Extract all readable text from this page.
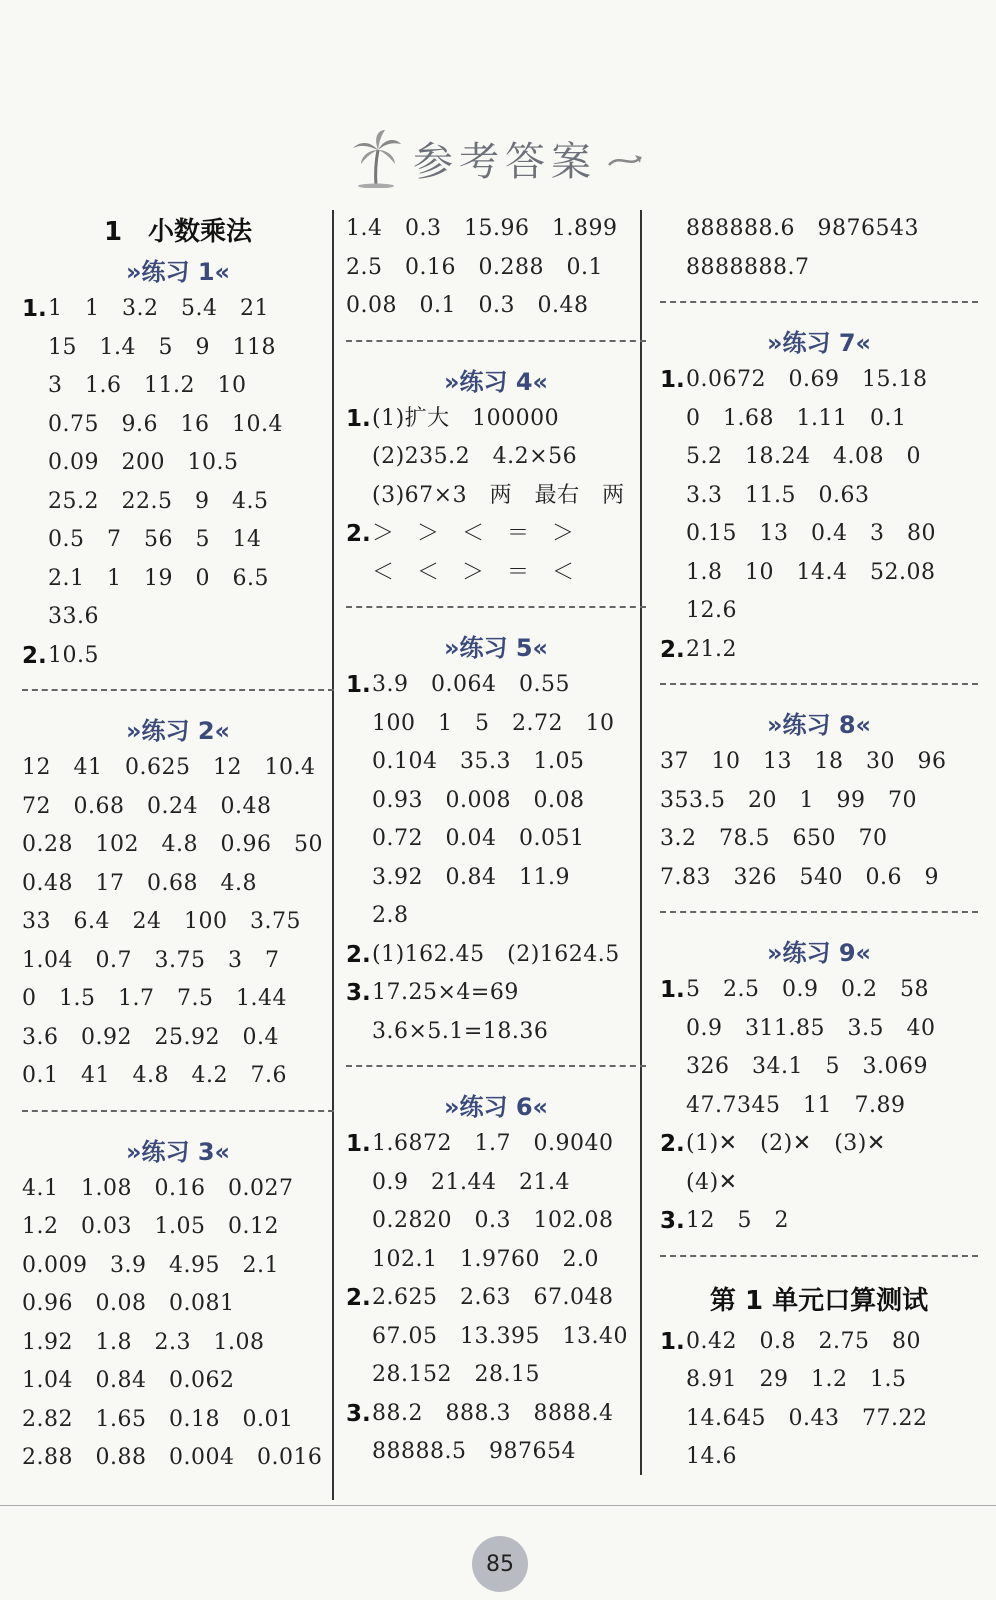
参考答案
1　小数乘法
»练习 1«
1. 1　1　3.2　5.4　21
15　1.4　5　9　118
3　1.6　11.2　10
0.75　9.6　16　10.4
0.09　200　10.5
25.2　22.5　9　4.5
0.5　7　56　5　14
2.1　1　19　0　6.5
33.6
2. 10.5
»练习 2«
12　41　0.625　12　10.4
72　0.68　0.24　0.48
0.28　102　4.8　0.96　50
0.48　17　0.68　4.8
33　6.4　24　100　3.75
1.04　0.7　3.75　3　7
0　1.5　1.7　7.5　1.44
3.6　0.92　25.92　0.4
0.1　41　4.8　4.2　7.6
»练习 3«
4.1　1.08　0.16　0.027
1.2　0.03　1.05　0.12
0.009　3.9　4.95　2.1
0.96　0.08　0.081
1.92　1.8　2.3　1.08
1.04　0.84　0.062
2.82　1.65　0.18　0.01
2.88　0.88　0.004　0.016
1.4　0.3　15.96　1.899
2.5　0.16　0.288　0.1
0.08　0.1　0.3　0.48
»练习 4«
1. (1)扩大　100000
(2)235.2　4.2×56
(3)67×3　两　最右　两
2. ＞　＞　＜　＝　＞
＜　＜　＞　＝　＜
»练习 5«
1. 3.9　0.064　0.55
100　1　5　2.72　10
0.104　35.3　1.05
0.93　0.008　0.08
0.72　0.04　0.051
3.92　0.84　11.9
2.8
2. (1)162.45　(2)1624.5
3. 17.25×4=69
3.6×5.1=18.36
»练习 6«
1. 1.6872　1.7　0.9040
0.9　21.44　21.4
0.2820　0.3　102.08
102.1　1.9760　2.0
2. 2.625　2.63　67.048
67.05　13.395　13.40
28.152　28.15
3. 88.2　888.3　8888.4
88888.5　987654
888888.6　9876543
8888888.7
»练习 7«
1. 0.0672　0.69　15.18
0　1.68　1.11　0.1
5.2　18.24　4.08　0
3.3　11.5　0.63
0.15　13　0.4　3　80
1.8　10　14.4　52.08
12.6
2. 21.2
»练习 8«
37　10　13　18　30　96
353.5　20　1　99　70
3.2　78.5　650　70
7.83　326　540　0.6　9
»练习 9«
1. 5　2.5　0.9　0.2　58
0.9　311.85　3.5　40
326　34.1　5　3.069
47.7345　11　7.89
2. (1)✕　(2)✕　(3)✕
(4)✕
3. 12　5　2
第 1 单元口算测试
1. 0.42　0.8　2.75　80
8.91　29　1.2　1.5
14.645　0.43　77.22
14.6
85
